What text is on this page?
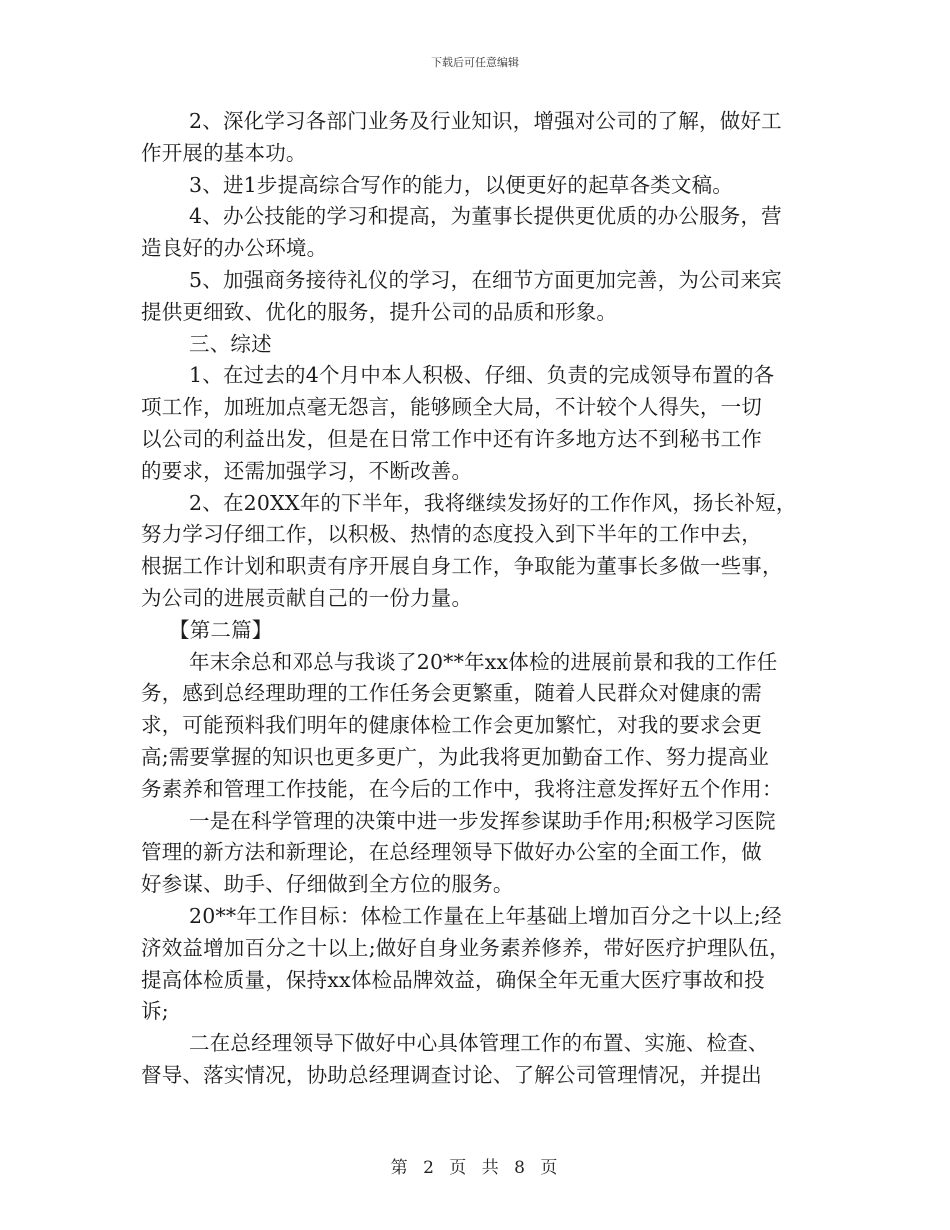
下载后可任意编辑
2、深化学习各部门业务及行业知识，增强对公司的了解，做好工
作开展的基本功。
3、进1步提高综合写作的能力，以便更好的起草各类文稿。
4、办公技能的学习和提高，为董事长提供更优质的办公服务，营
造良好的办公环境。
5、加强商务接待礼仪的学习，在细节方面更加完善，为公司来宾
提供更细致、优化的服务，提升公司的品质和形象。
三、综述
1、在过去的4个月中本人积极、仔细、负责的完成领导布置的各
项工作，加班加点毫无怨言，能够顾全大局，不计较个人得失，一切
以公司的利益出发，但是在日常工作中还有许多地方达不到秘书工作
的要求，还需加强学习，不断改善。
2、在20XX年的下半年，我将继续发扬好的工作作风，扬长补短，
努力学习仔细工作，以积极、热情的态度投入到下半年的工作中去，
根据工作计划和职责有序开展自身工作，争取能为董事长多做一些事，
为公司的进展贡献自己的一份力量。
【第二篇】
年末余总和邓总与我谈了20**年xx体检的进展前景和我的工作任
务，感到总经理助理的工作任务会更繁重，随着人民群众对健康的需
求，可能预料我们明年的健康体检工作会更加繁忙，对我的要求会更
高;需要掌握的知识也更多更广，为此我将更加勤奋工作、努力提高业
务素养和管理工作技能，在今后的工作中，我将注意发挥好五个作用：
一是在科学管理的决策中进一步发挥参谋助手作用;积极学习医院
管理的新方法和新理论，在总经理领导下做好办公室的全面工作，做
好参谋、助手、仔细做到全方位的服务。
20**年工作目标：体检工作量在上年基础上增加百分之十以上;经
济效益增加百分之十以上;做好自身业务素养修养，带好医疗护理队伍，
提高体检质量，保持xx体检品牌效益，确保全年无重大医疗事故和投
诉;
二在总经理领导下做好中心具体管理工作的布置、实施、检查、
督导、落实情况，协助总经理调查讨论、了解公司管理情况，并提出
第 2 页 共 8 页
